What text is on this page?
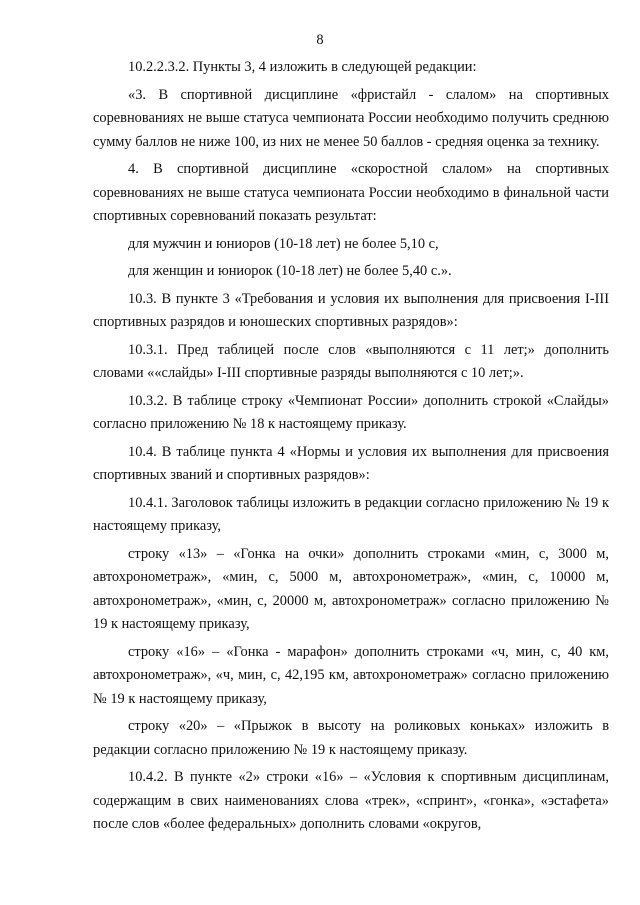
8

10.2.2.3.2. Пункты 3, 4 изложить в следующей редакции:

«3. В спортивной дисциплине «фристайл - слалом» на спортивных соревнованиях не выше статуса чемпионата России необходимо получить среднюю сумму баллов не ниже 100, из них не менее 50 баллов - средняя оценка за технику.

4. В спортивной дисциплине «скоростной слалом» на спортивных соревнованиях не выше статуса чемпионата России необходимо в финальной части спортивных соревнований показать результат:

для мужчин и юниоров (10-18 лет) не более 5,10 с,

для женщин и юниорок (10-18 лет) не более 5,40 с.».

10.3. В пункте 3 «Требования и условия их выполнения для присвоения I-III спортивных разрядов и юношеских спортивных разрядов»:

10.3.1. Пред таблицей после слов «выполняются с 11 лет;» дополнить словами ««слайды» I-III спортивные разряды выполняются с 10 лет;».

10.3.2. В таблице строку «Чемпионат России» дополнить строкой «Слайды» согласно приложению № 18 к настоящему приказу.

10.4. В таблице пункта 4 «Нормы и условия их выполнения для присвоения спортивных званий и спортивных разрядов»:

10.4.1. Заголовок таблицы изложить в редакции согласно приложению № 19 к настоящему приказу,

строку «13» – «Гонка на очки» дополнить строками «мин, с, 3000 м, автохронометраж», «мин, с, 5000 м, автохронометраж», «мин, с, 10000 м, автохронометраж», «мин, с, 20000 м, автохронометраж» согласно приложению № 19 к настоящему приказу,

строку «16» – «Гонка - марафон» дополнить строками «ч, мин, с, 40 км, автохронометраж», «ч, мин, с, 42,195 км, автохронометраж» согласно приложению № 19 к настоящему приказу,

строку «20» – «Прыжок в высоту на роликовых коньках» изложить в редакции согласно приложению № 19 к настоящему приказу.

10.4.2. В пункте «2» строки «16» – «Условия к спортивным дисциплинам, содержащим в свих наименованиях слова «трек», «спринт», «гонка», «эстафета» после слов «более федеральных» дополнить словами «округов,
